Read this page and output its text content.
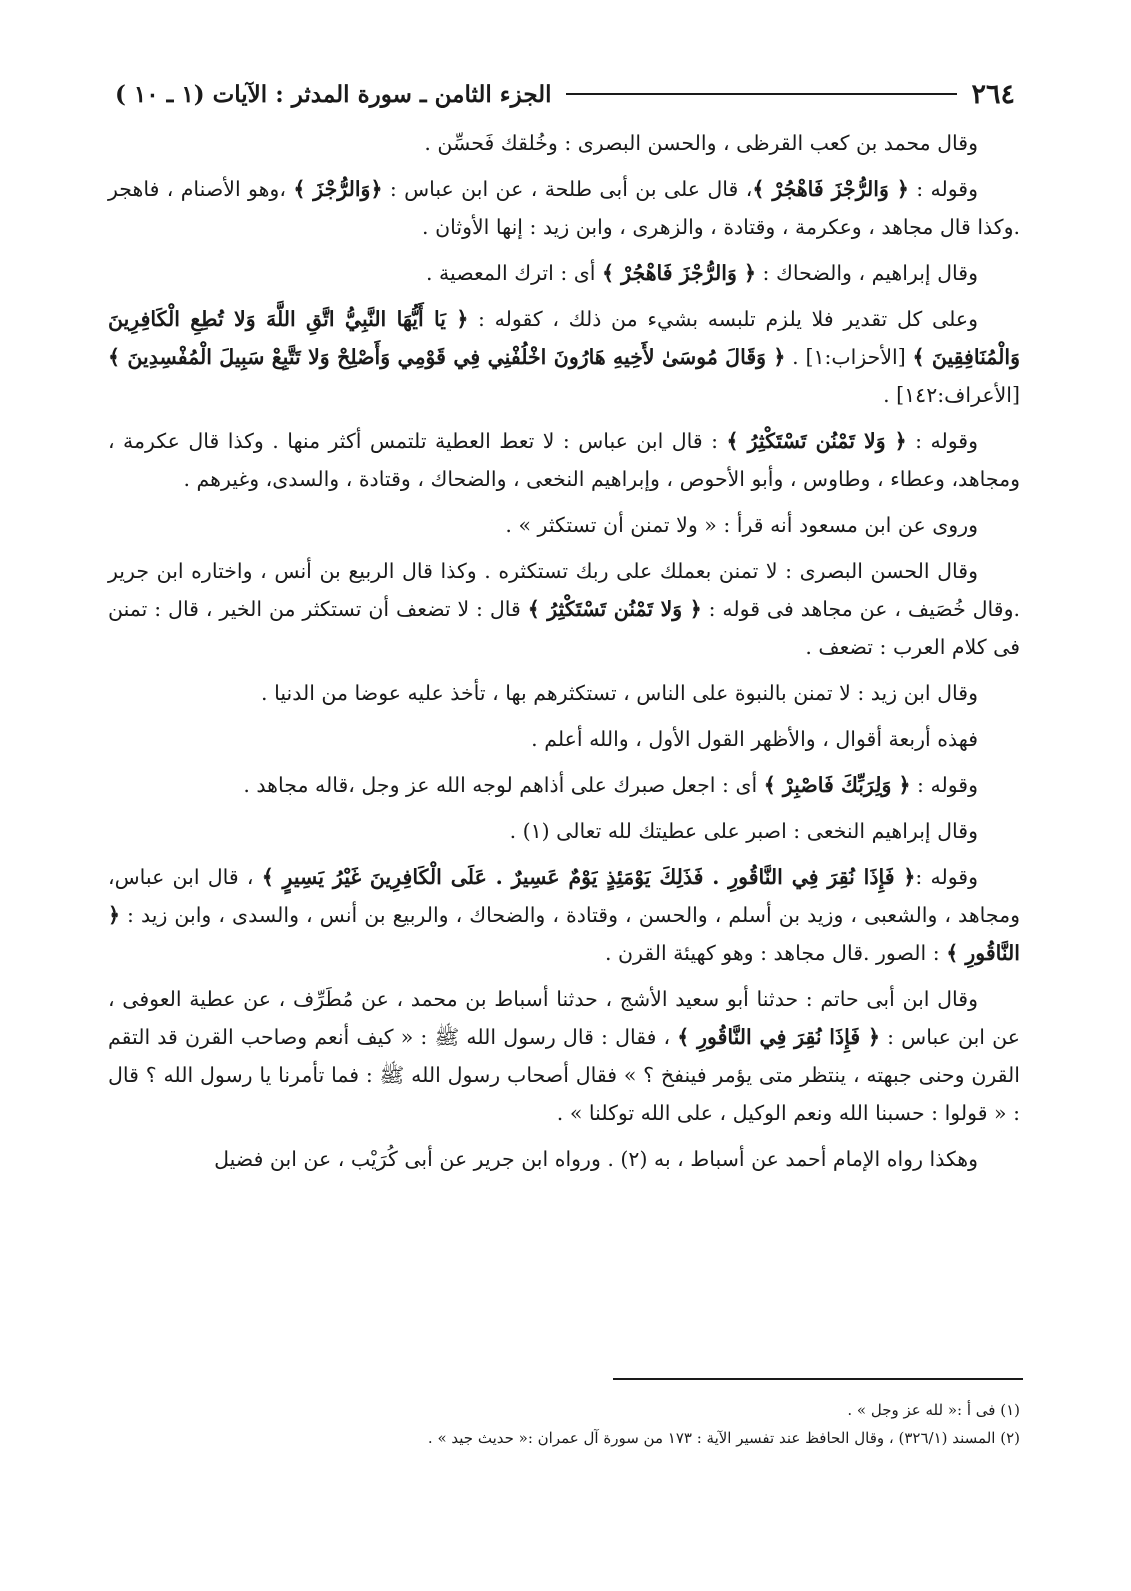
٢٦٤
الجزء الثامن ـ سورة المدثر : الآيات (١ ـ ١٠ )

وقال محمد بن كعب القرظى ، والحسن البصرى : وخُلقك فَحسِّن .

وقوله : ﴿ وَالرُّجْزَ فَاهْجُرْ ﴾، قال على بن أبى طلحة ، عن ابن عباس : ﴿وَالرُّجْزَ ﴾ ،وهو الأصنام ، فاهجر .وكذا قال مجاهد ، وعكرمة ، وقتادة ، والزهرى ، وابن زيد : إنها الأوثان .

وقال إبراهيم ، والضحاك : ﴿ وَالرُّجْزَ فَاهْجُرْ ﴾ أى : اترك المعصية .

وعلى كل تقدير فلا يلزم تلبسه بشيء من ذلك ، كقوله : ﴿ يَا أَيُّهَا النَّبِيُّ اتَّقِ اللَّهَ وَلا تُطِعِ الْكَافِرِينَ وَالْمُنَافِقِينَ ﴾ [الأحزاب:١] . ﴿ وَقَالَ مُوسَىٰ لأَخِيهِ هَارُونَ اخْلُفْنِي فِي قَوْمِي وَأَصْلِحْ وَلا تَتَّبِعْ سَبِيلَ الْمُفْسِدِينَ ﴾ [الأعراف:١٤٢] .

وقوله : ﴿ وَلا تَمْنُن تَسْتَكْثِرُ ﴾ : قال ابن عباس : لا تعط العطية تلتمس أكثر منها . وكذا قال عكرمة ، ومجاهد، وعطاء ، وطاوس ، وأبو الأحوص ، وإبراهيم النخعى ، والضحاك ، وقتادة ، والسدى، وغيرهم .

وروى عن ابن مسعود أنه قرأ : « ولا تمنن أن تستكثر » .

وقال الحسن البصرى : لا تمنن بعملك على ربك تستكثره . وكذا قال الربيع بن أنس ، واختاره ابن جرير .وقال خُصَيف ، عن مجاهد فى قوله : ﴿ وَلا تَمْنُن تَسْتَكْثِرُ ﴾ قال : لا تضعف أن تستكثر من الخير ، قال : تمنن فى كلام العرب : تضعف .

وقال ابن زيد : لا تمنن بالنبوة على الناس ، تستكثرهم بها ، تأخذ عليه عوضا من الدنيا .

فهذه أربعة أقوال ، والأظهر القول الأول ، والله أعلم .

وقوله : ﴿ وَلِرَبِّكَ فَاصْبِرْ ﴾ أى : اجعل صبرك على أذاهم لوجه الله عز وجل ،قاله مجاهد .

وقال إبراهيم النخعى : اصبر على عطيتك لله تعالى (١) .

وقوله :﴿ فَإِذَا نُقِرَ فِي النَّاقُورِ . فَذَلِكَ يَوْمَئِذٍ يَوْمٌ عَسِيرٌ . عَلَى الْكَافِرِينَ غَيْرُ يَسِيرٍ ﴾ ، قال ابن عباس، ومجاهد ، والشعبى ، وزيد بن أسلم ، والحسن ، وقتادة ، والضحاك ، والربيع بن أنس ، والسدى ، وابن زيد : ﴿ النَّاقُورِ ﴾ : الصور .قال مجاهد : وهو كهيئة القرن .

وقال ابن أبى حاتم : حدثنا أبو سعيد الأشج ، حدثنا أسباط بن محمد ، عن مُطَرِّف ، عن عطية العوفى ، عن ابن عباس : ﴿ فَإِذَا نُقِرَ فِي النَّاقُورِ ﴾ ، فقال : قال رسول الله ﷺ : « كيف أنعم وصاحب القرن قد التقم القرن وحنى جبهته ، ينتظر متى يؤمر فينفخ ؟ » فقال أصحاب رسول الله ﷺ : فما تأمرنا يا رسول الله ؟ قال : « قولوا : حسبنا الله ونعم الوكيل ، على الله توكلنا » .

وهكذا رواه الإمام أحمد عن أسباط ، به (٢) . ورواه ابن جرير عن أبى كُرَيْب ، عن ابن فضيل

(١) فى أ :« لله عز وجل » .

(٢) المسند (٣٢٦/١) ، وقال الحافظ عند تفسير الآية : ١٧٣ من سورة آل عمران :« حديث جيد » .
